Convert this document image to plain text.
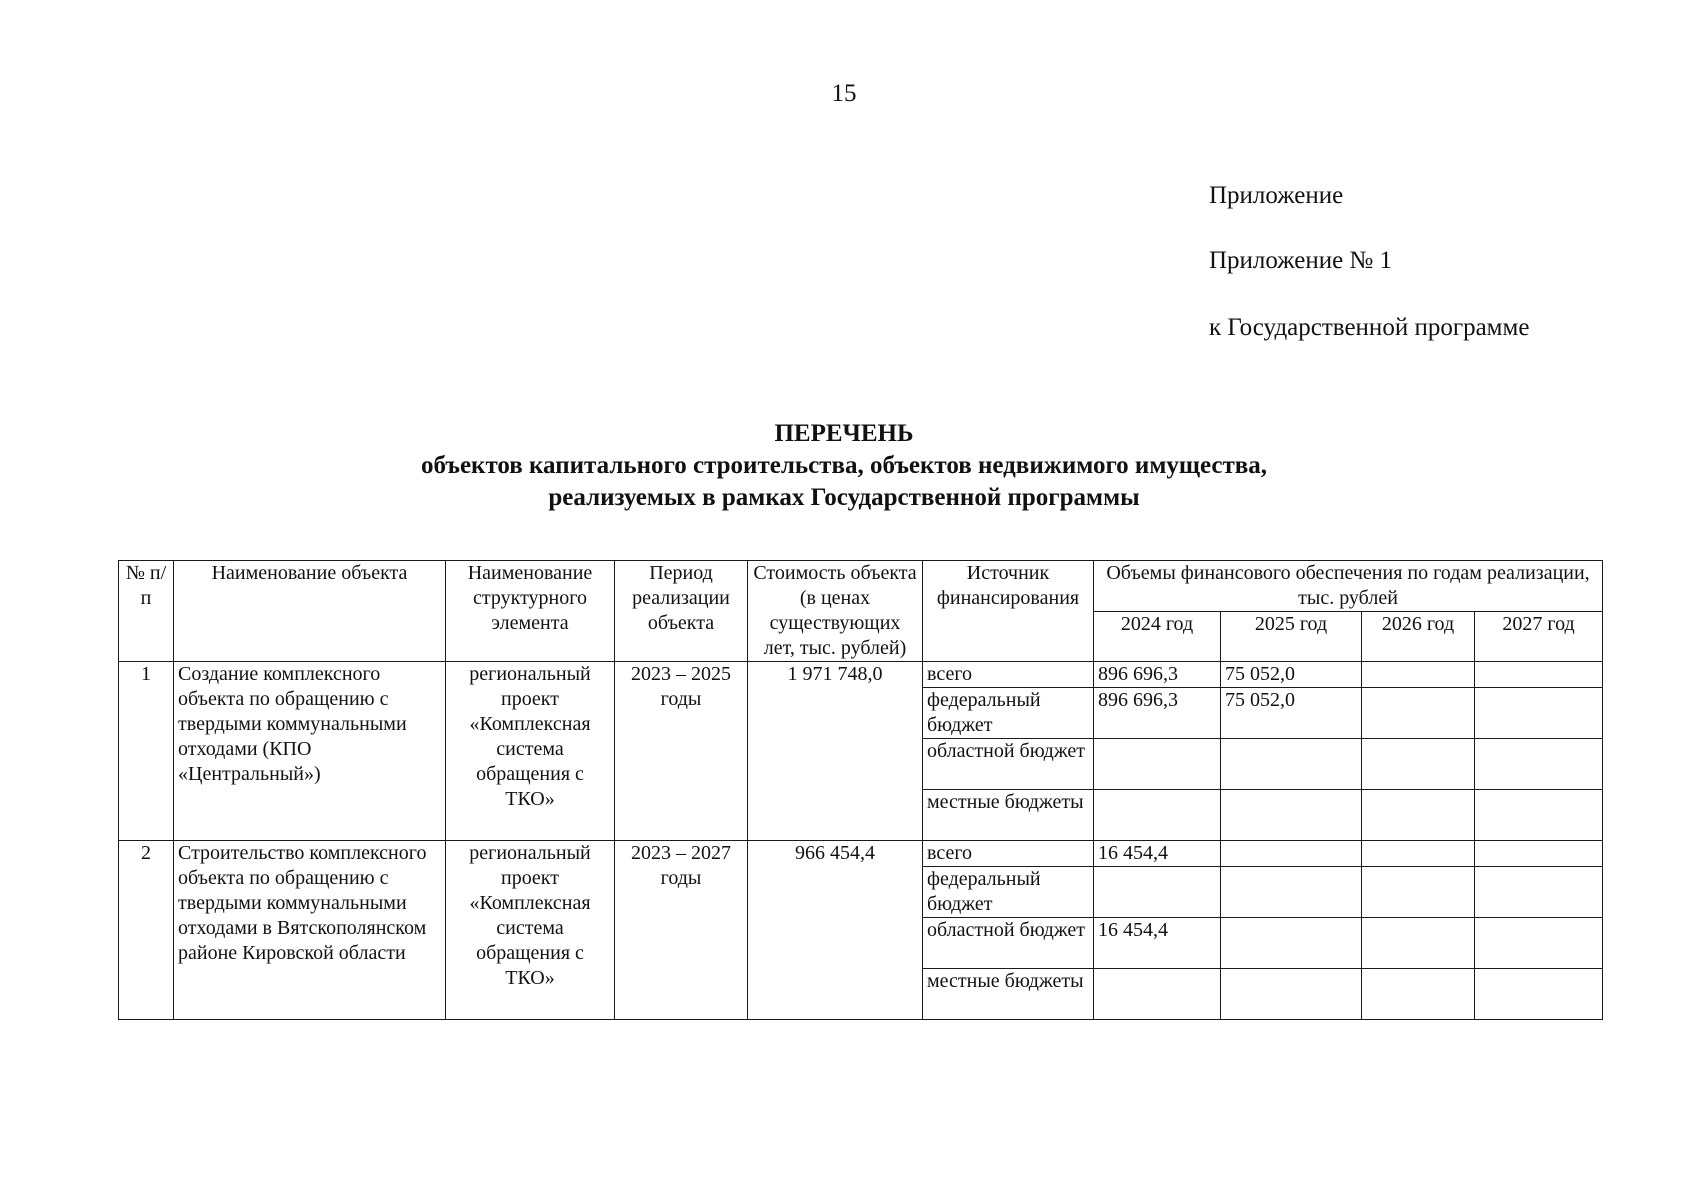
15
Приложение
Приложение № 1
к Государственной программе
ПЕРЕЧЕНЬ
объектов капитального строительства, объектов недвижимого имущества,
реализуемых в рамках Государственной программы
№ п/п	Наименование объекта	Наименование структурного элемента	Период реализации объекта	Стоимость объекта (в ценах существующих лет, тыс. рублей)	Источник финансирования	Объемы финансового обеспечения по годам реализации, тыс. рублей			
						2024 год	2025 год	2026 год	2027 год
1	Создание комплексного объекта по обращению с твердыми коммунальными отходами (КПО «Центральный»)	региональный проект «Комплексная система обращения с ТКО»	2023 – 2025 годы	1 971 748,0	всего	896 696,3	75 052,0		
					федеральный бюджет	896 696,3	75 052,0		
					областной бюджет				
					местные бюджеты				
2	Строительство комплексного объекта по обращению с твердыми коммунальными отходами в Вятскополянском районе Кировской области	региональный проект «Комплексная система обращения с ТКО»	2023 – 2027 годы	966 454,4	всего	16 454,4			
					федеральный бюджет				
					областной бюджет	16 454,4			
					местные бюджеты				
